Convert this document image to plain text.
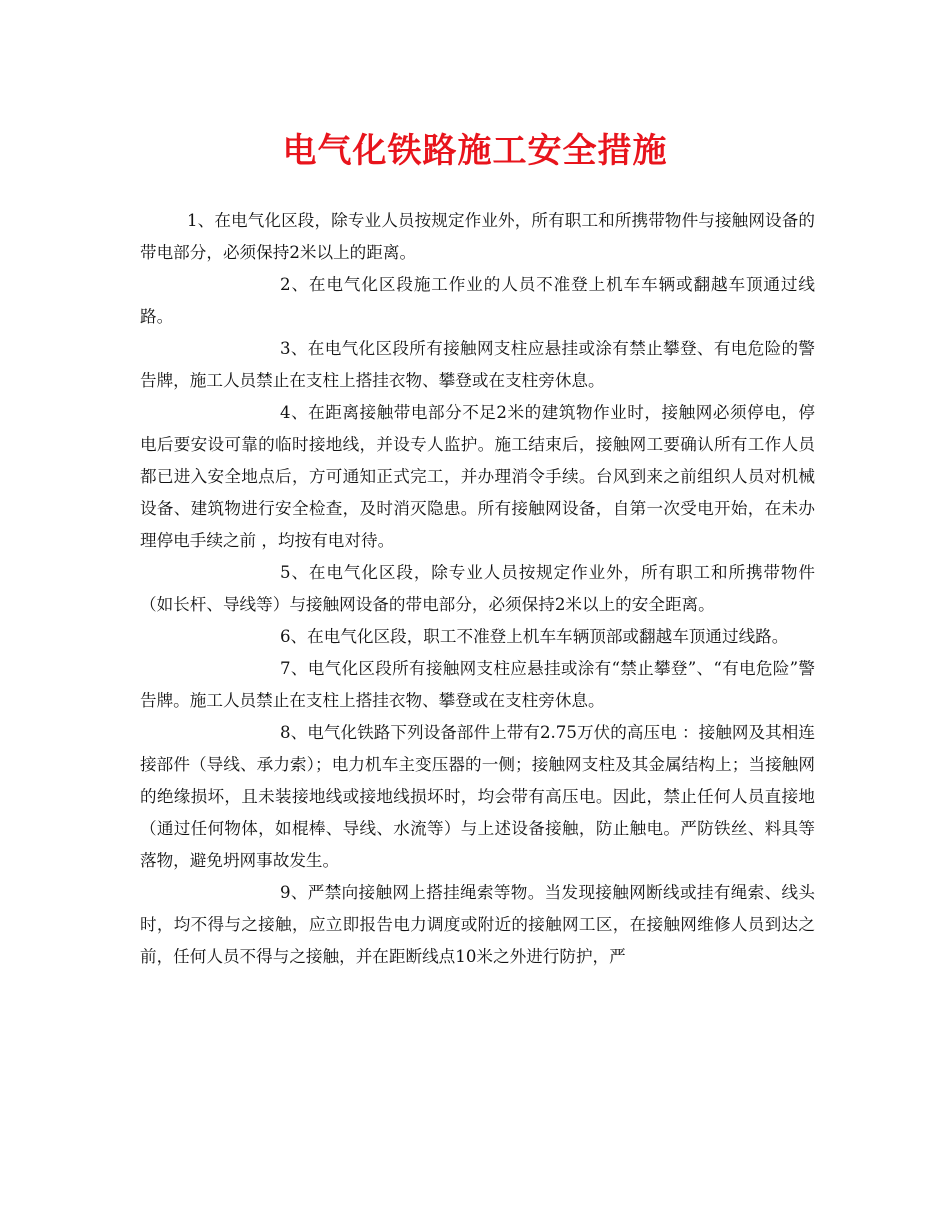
电气化铁路施工安全措施

1、在电气化区段，除专业人员按规定作业外，所有职工和所携带物件与接触网设备的带电部分，必须保持2米以上的距离。

2、在电气化区段施工作业的人员不准登上机车车辆或翻越车顶通过线路。

3、在电气化区段所有接触网支柱应悬挂或涂有禁止攀登、有电危险的警告牌，施工人员禁止在支柱上搭挂衣物、攀登或在支柱旁休息。

4、在距离接触带电部分不足2米的建筑物作业时，接触网必须停电，停电后要安设可靠的临时接地线，并设专人监护。施工结束后，接触网工要确认所有工作人员都已进入安全地点后，方可通知正式完工，并办理消令手续。台风到来之前组织人员对机械设备、建筑物进行安全检查，及时消灭隐患。所有接触网设备，自第一次受电开始，在未办理停电手续之前 ，均按有电对待。

5、在电气化区段，除专业人员按规定作业外，所有职工和所携带物件（如长杆、导线等）与接触网设备的带电部分，必须保持2米以上的安全距离。

6、在电气化区段，职工不准登上机车车辆顶部或翻越车顶通过线路。

7、电气化区段所有接触网支柱应悬挂或涂有“禁止攀登”、“有电危险”警告牌。施工人员禁止在支柱上搭挂衣物、攀登或在支柱旁休息。

8、电气化铁路下列设备部件上带有2.75万伏的高压电 ：接触网及其相连接部件（导线、承力索）；电力机车主变压器的一侧；接触网支柱及其金属结构上；当接触网的绝缘损坏，且未装接地线或接地线损坏时，均会带有高压电。因此，禁止任何人员直接地（通过任何物体，如棍棒、导线、水流等）与上述设备接触，防止触电。严防铁丝、料具等落物，避免坍网事故发生。

9、严禁向接触网上搭挂绳索等物。当发现接触网断线或挂有绳索、线头时，均不得与之接触，应立即报告电力调度或附近的接触网工区，在接触网维修人员到达之前，任何人员不得与之接触，并在距断线点10米之外进行防护，严
